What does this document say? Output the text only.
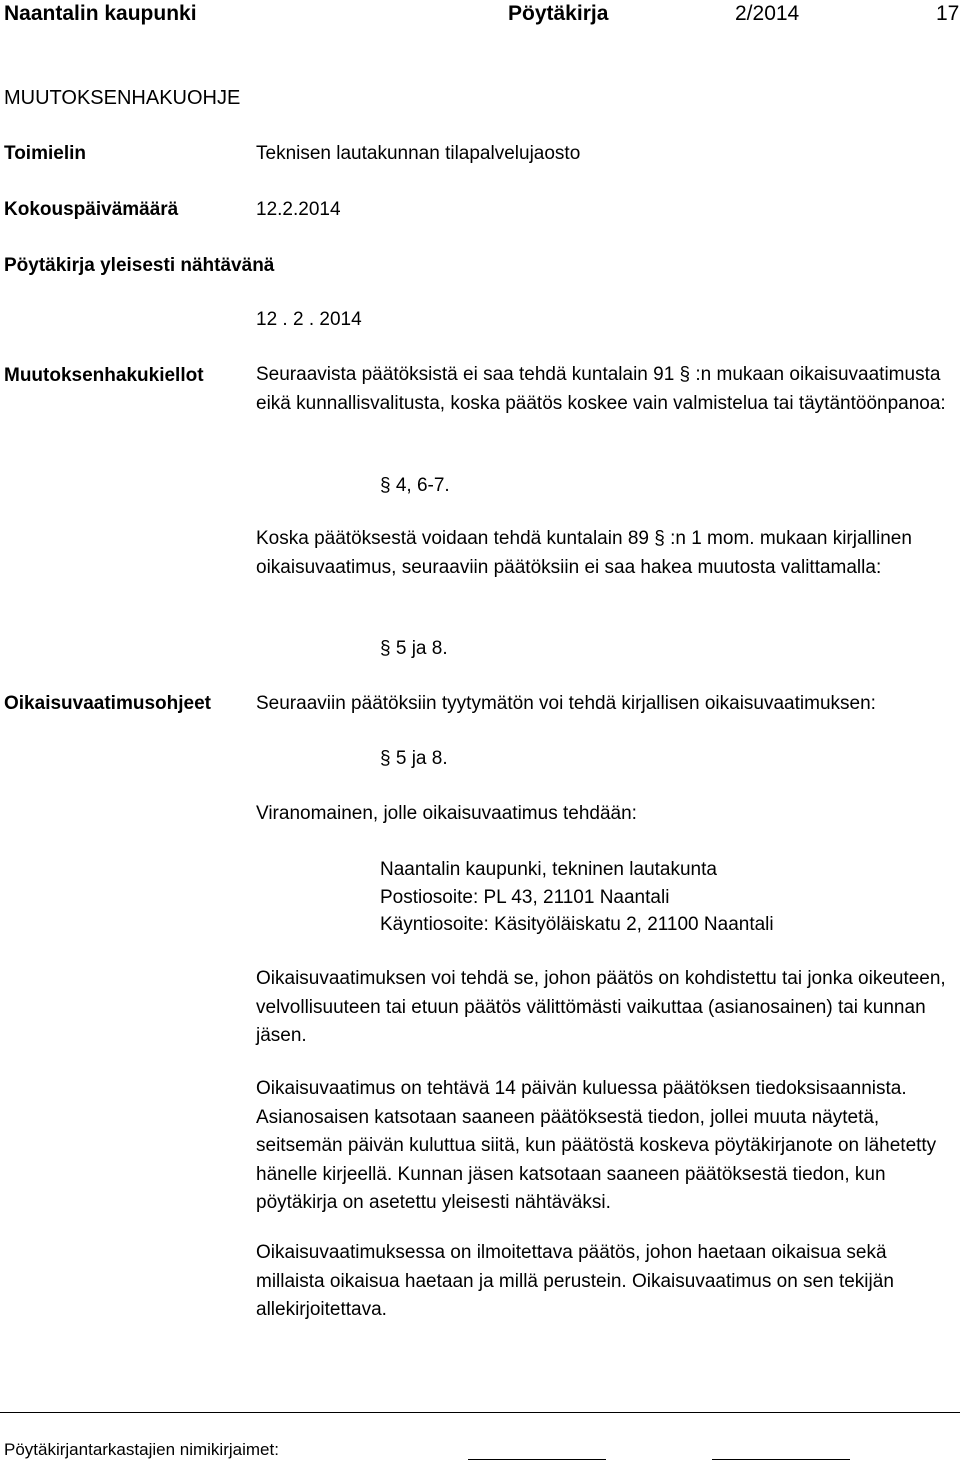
Naantalin kaupunki	Pöytäkirja	2/2014	17
MUUTOKSENHAKUOHJE
Toimielin	Teknisen lautakunnan tilapalvelujaosto
Kokouspäivämäärä	12.2.2014
Pöytäkirja yleisesti nähtävänä
12 . 2 . 2014
Muutoksenhakukiellot	Seuraavista päätöksistä ei saa tehdä kuntalain 91 § :n mukaan oikaisuvaatimusta eikä kunnallisvalitusta, koska päätös koskee vain valmistelua tai täytäntöönpanoa:
§ 4, 6-7.
Koska päätöksestä voidaan tehdä kuntalain 89 § :n 1 mom. mukaan kirjallinen oikaisuvaatimus, seuraaviin päätöksiin ei saa hakea muutosta valittamalla:
§ 5 ja 8.
Oikaisuvaatimusohjeet Seuraaviin päätöksiin tyytymätön voi tehdä kirjallisen oikaisuvaatimuksen:
§ 5 ja 8.
Viranomainen, jolle oikaisuvaatimus tehdään:
Naantalin kaupunki, tekninen lautakunta
Postiosoite: PL 43, 21101 Naantali
Käyntiosoite: Käsityöläiskatu 2, 21100 Naantali
Oikaisuvaatimuksen voi tehdä se, johon päätös on kohdistettu tai jonka oikeuteen, velvollisuuteen tai etuun päätös välittömästi vaikuttaa (asianosainen) tai kunnan jäsen.
Oikaisuvaatimus on tehtävä 14 päivän kuluessa päätöksen tiedoksisaannista. Asianosaisen katsotaan saaneen päätöksestä tiedon, jollei muuta näytetä, seitsemän päivän kuluttua siitä, kun päätöstä koskeva pöytäkirjanote on lähetetty hänelle kirjeellä. Kunnan jäsen katsotaan saaneen päätöksestä tiedon, kun pöytäkirja on asetettu yleisesti nähtäväksi.
Oikaisuvaatimuksessa on ilmoitettava päätös, johon haetaan oikaisua sekä millaista oikaisua haetaan ja millä perustein. Oikaisuvaatimus on sen tekijän allekirjoitettava.
Pöytäkirjantarkastajien nimikirjaimet:
